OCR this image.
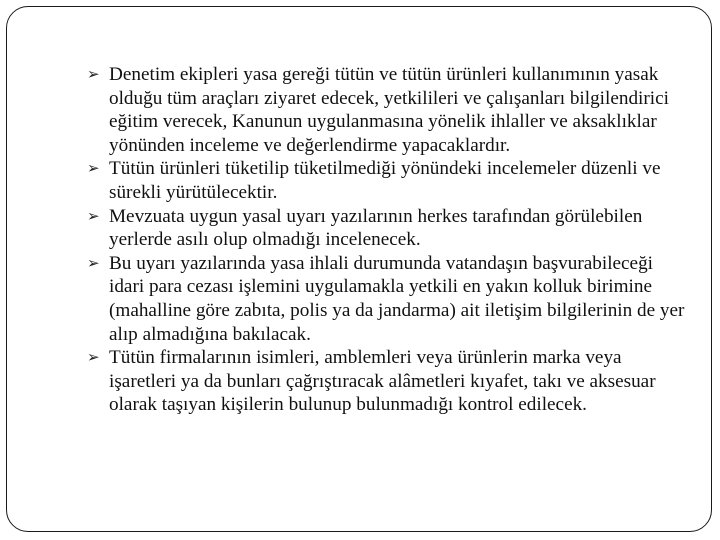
➢ Denetim ekipleri yasa gereği tütün ve tütün ürünleri kullanımının yasak olduğu tüm araçları ziyaret edecek, yetkilileri ve çalışanları bilgilendirici eğitim verecek, Kanunun uygulanmasına yönelik ihlaller ve aksaklıklar yönünden inceleme ve değerlendirme yapacaklardır.
➢ Tütün ürünleri tüketilip tüketilmediği yönündeki incelemeler düzenli ve sürekli yürütülecektir.
➢ Mevzuata uygun yasal uyarı yazılarının herkes tarafından görülebilen yerlerde asılı olup olmadığı incelenecek.
➢ Bu uyarı yazılarında yasa ihlali durumunda vatandaşın başvurabileceği idari para cezası işlemini uygulamakla yetkili en yakın kolluk birimine (mahalline göre zabıta, polis ya da jandarma) ait iletişim bilgilerinin de yer alıp almadığına bakılacak.
➢ Tütün firmalarının isimleri, amblemleri veya ürünlerin marka veya işaretleri ya da bunları çağrıştıracak alâmetleri kıyafet, takı ve aksesuar olarak taşıyan kişilerin bulunup bulunmadığı kontrol edilecek.
